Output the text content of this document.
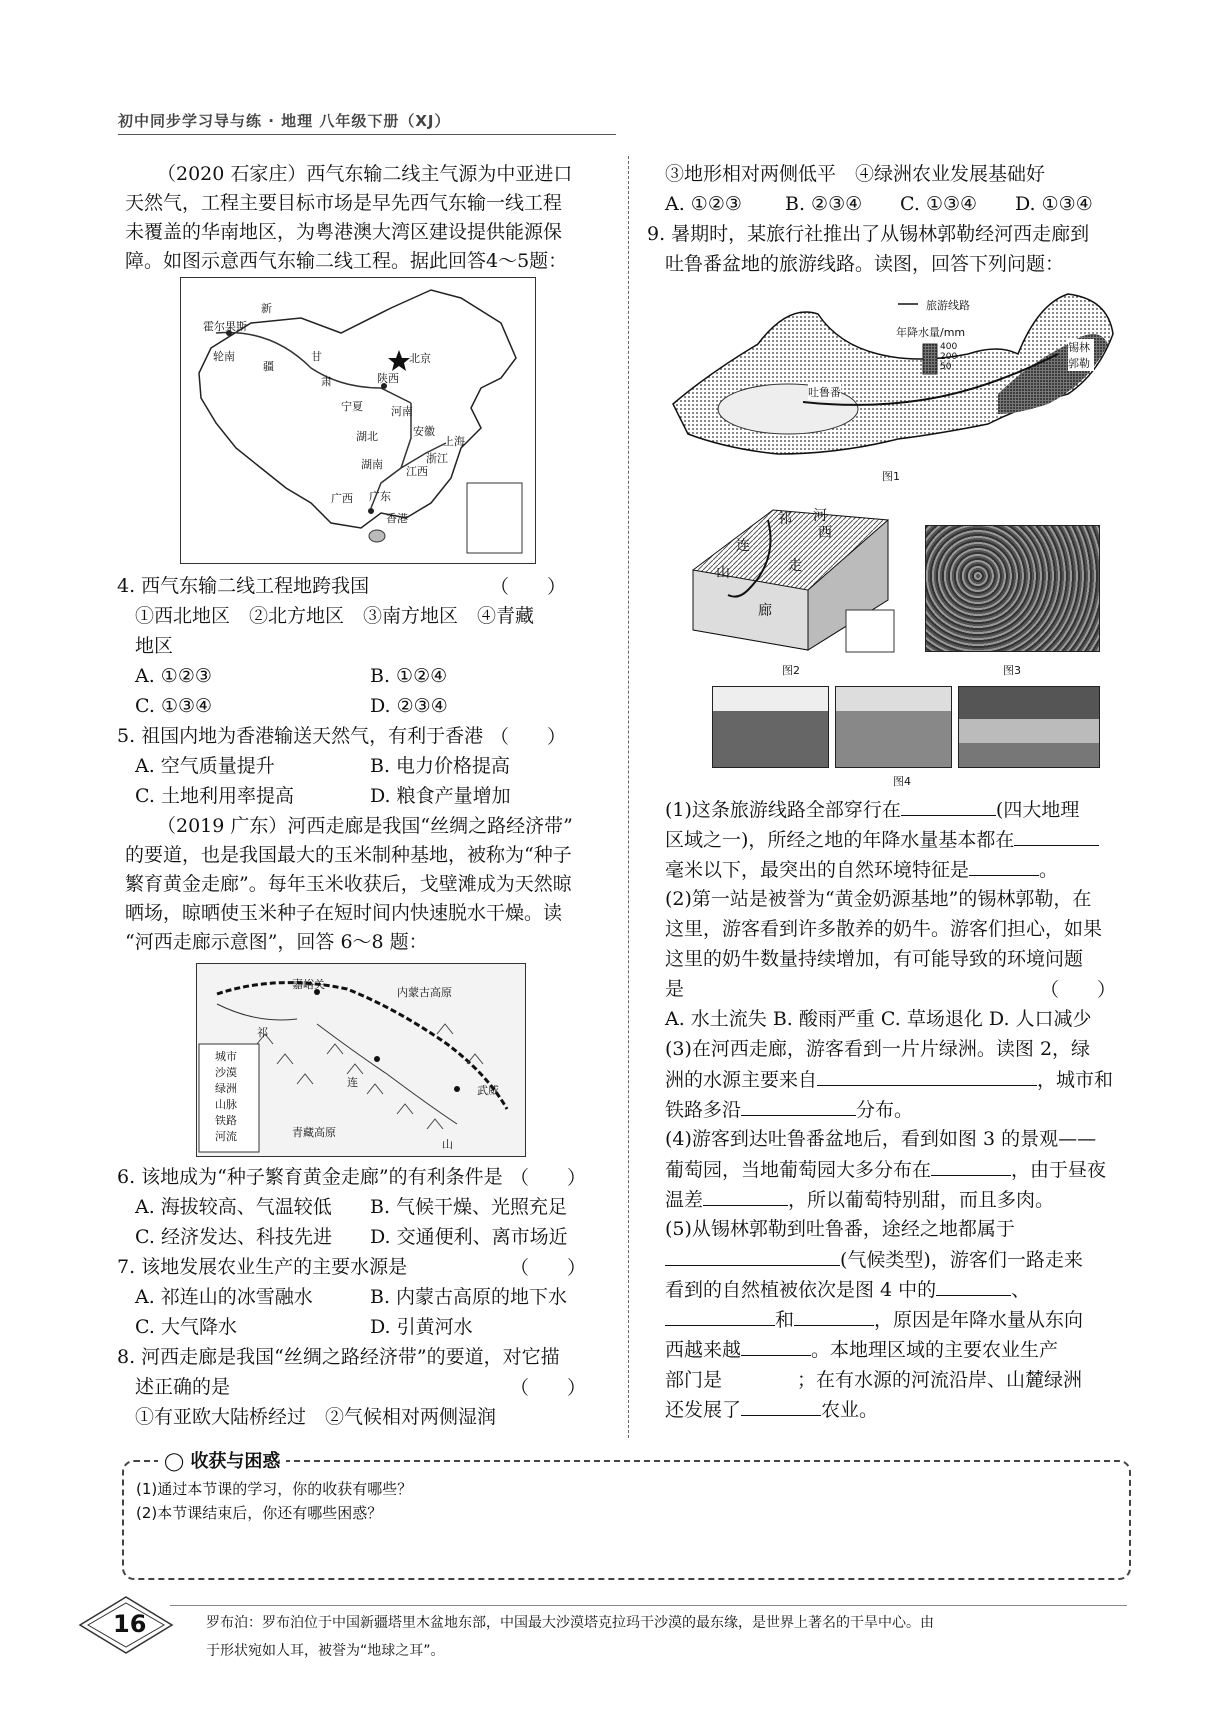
初中同步学习导与练 · 地理 八年级下册（XJ）
（2020 石家庄）西气东输二线主气源为中亚进口
天然气，工程主要目标市场是早先西气东输一线工程
未覆盖的华南地区，为粤港澳大湾区建设提供能源保
障。如图示意西气东输二线工程。据此回答4～5题：
新
疆
霍尔果斯
轮南	甘
肃
宁夏
陕西
北京
河南
湖北	安徽
上海
湖南
江西
浙江
广西 广东
香港
4. 西气东输二线工程地跨我国	（　　）
①西北地区　②北方地区　③南方地区　④青藏
地区
A. ①②③	B. ①②④
C. ①③④	D. ②③④
5. 祖国内地为香港输送天然气，有利于香港 （　　）
A. 空气质量提升	B. 电力价格提高
C. 土地利用率提高	D. 粮食产量增加
（2019 广东）河西走廊是我国“丝绸之路经济带”
的要道，也是我国最大的玉米制种基地，被称为“种子
繁育黄金走廊”。每年玉米收获后，戈壁滩成为天然晾
晒场，晾晒使玉米种子在短时间内快速脱水干燥。读
“河西走廊示意图”，回答 6～8 题：
嘉峪关
内蒙古高原
祁
连
武威
青藏高原
山
城市
沙漠
绿洲
山脉
铁路
河流
6. 该地成为“种子繁育黄金走廊”的有利条件是 （　　）
A. 海拔较高、气温较低 B. 气候干燥、光照充足
C. 经济发达、科技先进 D. 交通便利、离市场近
7. 该地发展农业生产的主要水源是	（　　）
A. 祁连山的冰雪融水	B. 内蒙古高原的地下水
C. 大气降水	D. 引黄河水
8. 河西走廊是我国“丝绸之路经济带”的要道，对它描
述正确的是	（　　）
①有亚欧大陆桥经过　②气候相对两侧湿润
③地形相对两侧低平　④绿洲农业发展基础好
A. ①②③ B. ②③④ C. ①③④ D. ①③④
9. 暑期时，某旅行社推出了从锡林郭勒经河西走廊到
吐鲁番盆地的旅游线路。读图，回答下列问题：
旅游线路
年降水量/mm
400
200
50
吐鲁番
锡林郭勒
图1
祁
连
山
河
西
走
廊
图2	图3
图4
(1)这条旅游线路全部穿行在	(四大地理
区域之一)，所经之地的年降水量基本都在
毫米以下，最突出的自然环境特征是	。
(2)第一站是被誉为“黄金奶源基地”的锡林郭勒，在
这里，游客看到许多散养的奶牛。游客们担心，如果
这里的奶牛数量持续增加，有可能导致的环境问题
是	（　　）
A. 水土流失 B. 酸雨严重 C. 草场退化 D. 人口减少
(3)在河西走廊，游客看到一片片绿洲。读图 2，绿
洲的水源主要来自	，城市和
铁路多沿	分布。
(4)游客到达吐鲁番盆地后，看到如图 3 的景观——
葡萄园，当地葡萄园大多分布在	，由于昼夜
温差	，所以葡萄特别甜，而且多肉。
(5)从锡林郭勒到吐鲁番，途经之地都属于
(气候类型)，游客们一路走来
看到的自然植被依次是图 4 中的	、
和	，原因是年降水量从东向
西越来越	。本地理区域的主要农业生产
部门是	；在有水源的河流沿岸、山麓绿洲
还发展了	农业。
◯ 收获与困惑
(1)通过本节课的学习，你的收获有哪些？
(2)本节课结束后，你还有哪些困惑？
16	罗布泊：罗布泊位于中国新疆塔里木盆地东部，中国最大沙漠塔克拉玛干沙漠的最东缘，是世界上著名的干旱中心。由
于形状宛如人耳，被誉为“地球之耳”。
